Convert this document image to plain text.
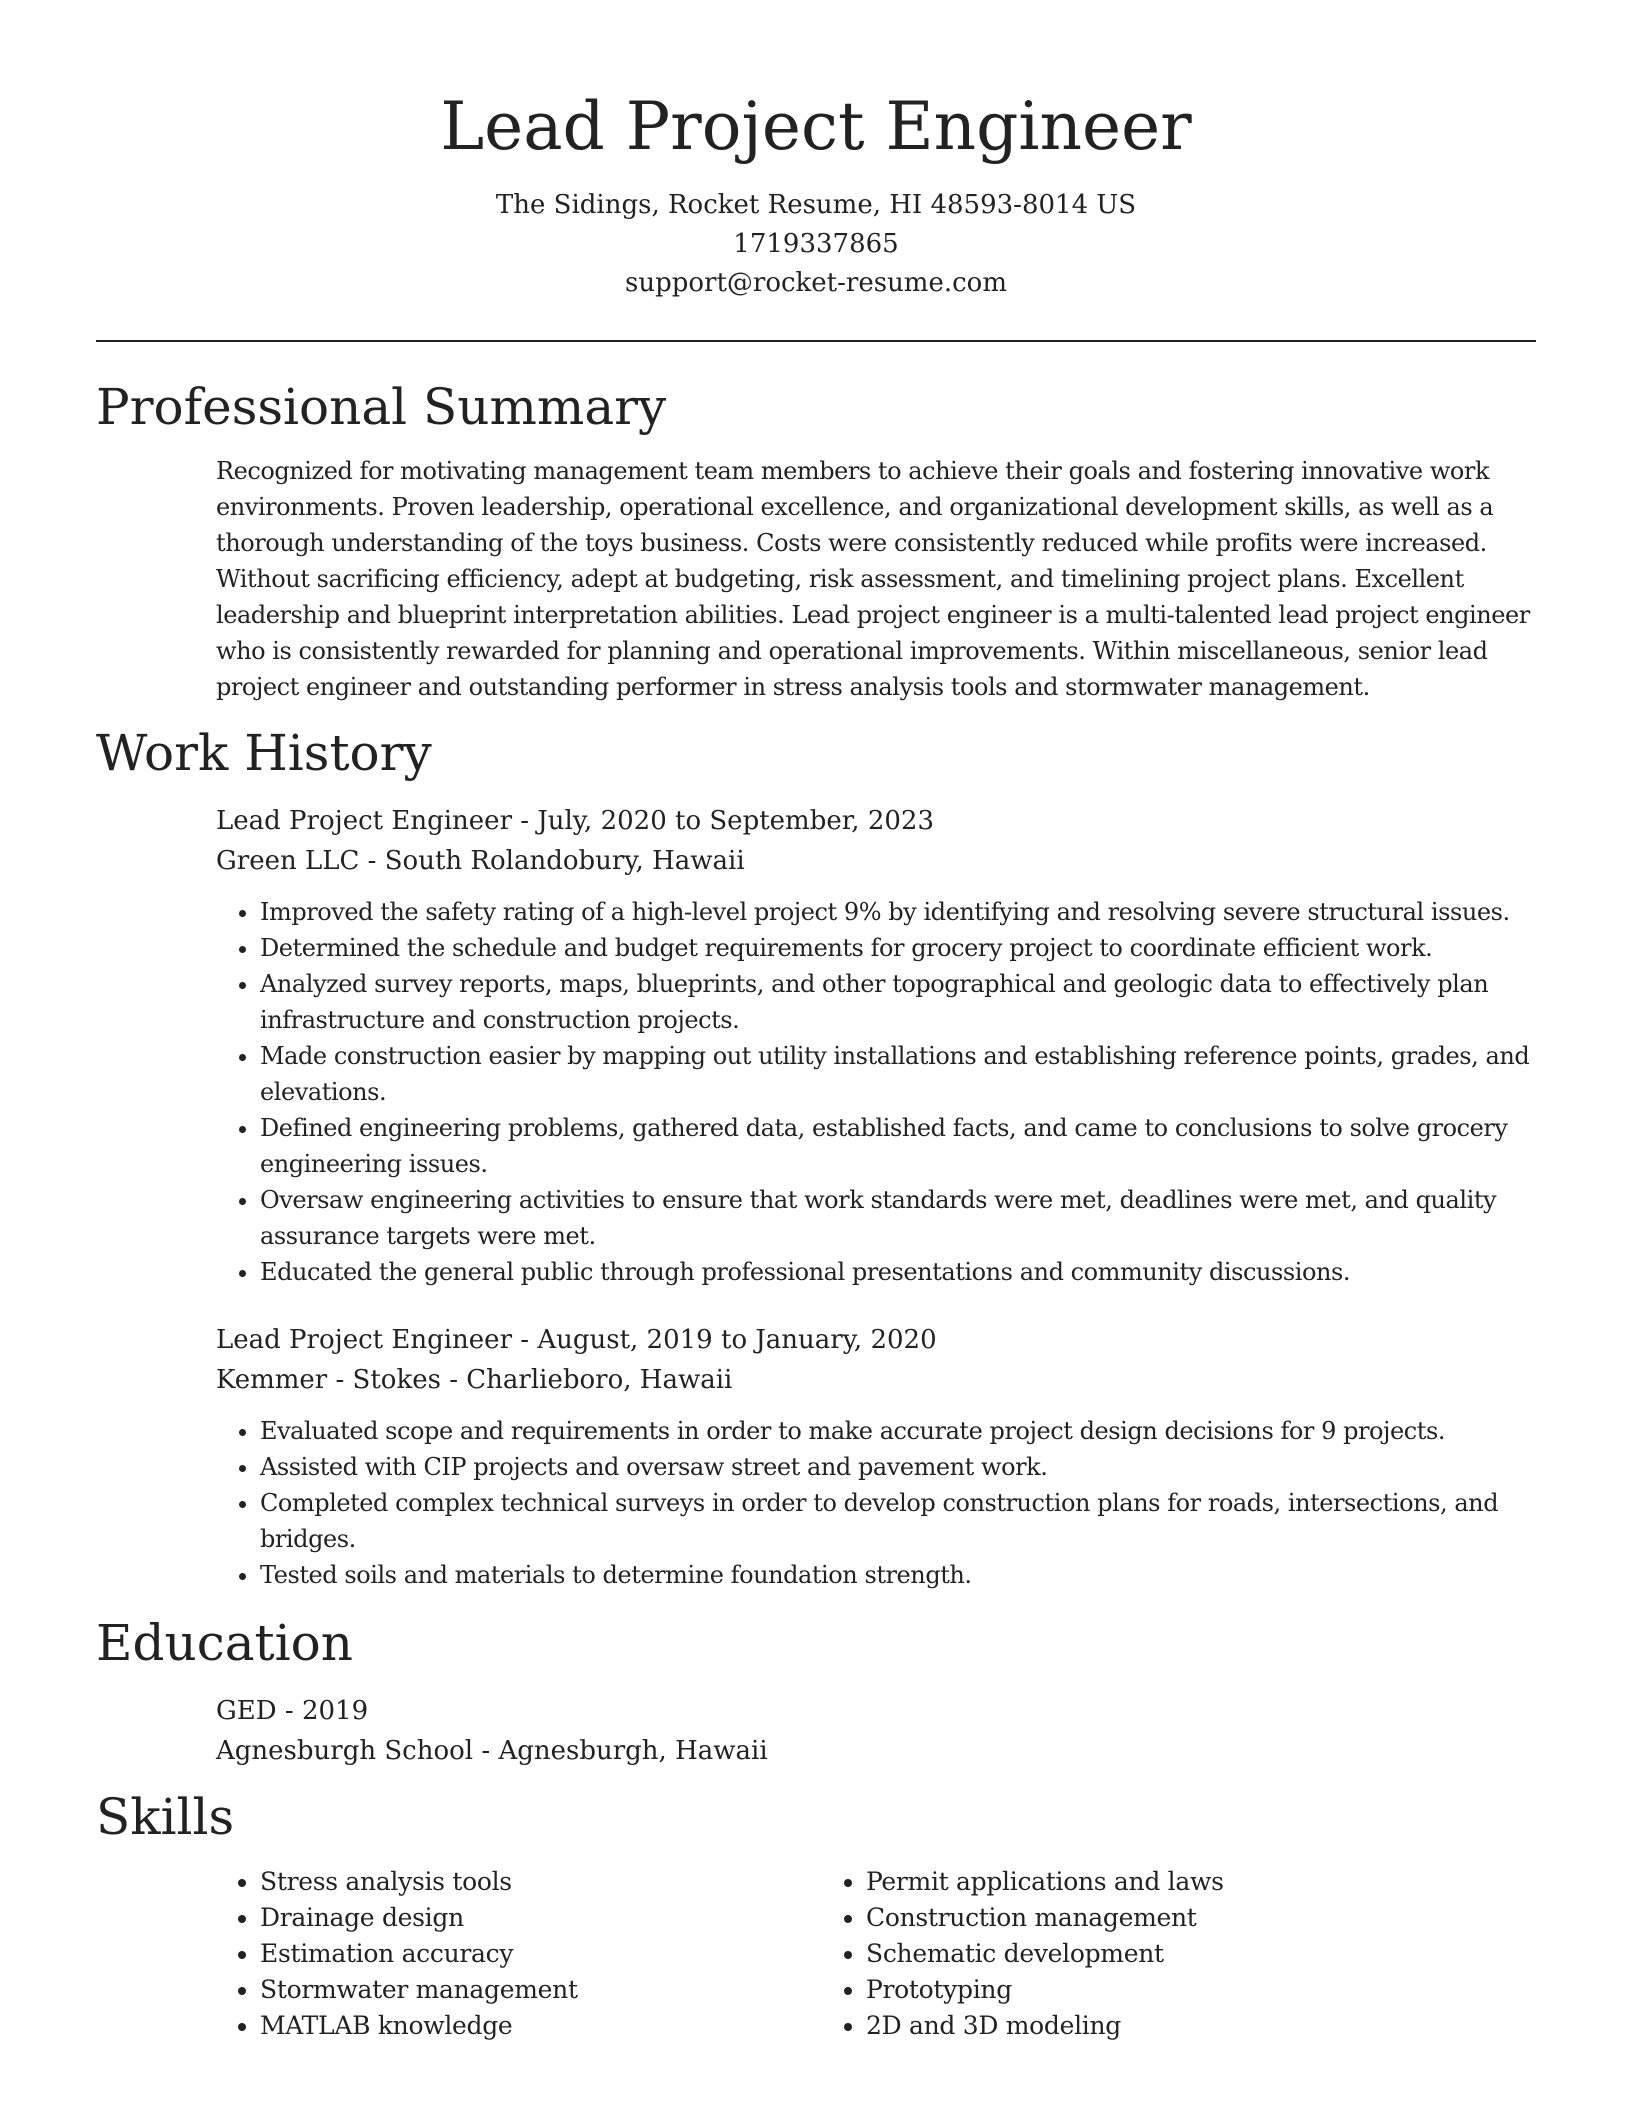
Lead Project Engineer
The Sidings, Rocket Resume, HI 48593-8014 US
1719337865
support@rocket-resume.com
Professional Summary
Recognized for motivating management team members to achieve their goals and fostering innovative work environments. Proven leadership, operational excellence, and organizational development skills, as well as a thorough understanding of the toys business. Costs were consistently reduced while profits were increased. Without sacrificing efficiency, adept at budgeting, risk assessment, and timelining project plans. Excellent leadership and blueprint interpretation abilities. Lead project engineer is a multi-talented lead project engineer who is consistently rewarded for planning and operational improvements. Within miscellaneous, senior lead project engineer and outstanding performer in stress analysis tools and stormwater management.
Work History
Lead Project Engineer - July, 2020 to September, 2023
Green LLC - South Rolandobury, Hawaii
• Improved the safety rating of a high-level project 9% by identifying and resolving severe structural issues.
• Determined the schedule and budget requirements for grocery project to coordinate efficient work.
• Analyzed survey reports, maps, blueprints, and other topographical and geologic data to effectively plan infrastructure and construction projects.
• Made construction easier by mapping out utility installations and establishing reference points, grades, and elevations.
• Defined engineering problems, gathered data, established facts, and came to conclusions to solve grocery engineering issues.
• Oversaw engineering activities to ensure that work standards were met, deadlines were met, and quality assurance targets were met.
• Educated the general public through professional presentations and community discussions.
Lead Project Engineer - August, 2019 to January, 2020
Kemmer - Stokes - Charlieboro, Hawaii
• Evaluated scope and requirements in order to make accurate project design decisions for 9 projects.
• Assisted with CIP projects and oversaw street and pavement work.
• Completed complex technical surveys in order to develop construction plans for roads, intersections, and bridges.
• Tested soils and materials to determine foundation strength.
Education
GED - 2019
Agnesburgh School - Agnesburgh, Hawaii
Skills
• Stress analysis tools
• Drainage design
• Estimation accuracy
• Stormwater management
• MATLAB knowledge
• Permit applications and laws
• Construction management
• Schematic development
• Prototyping
• 2D and 3D modeling
